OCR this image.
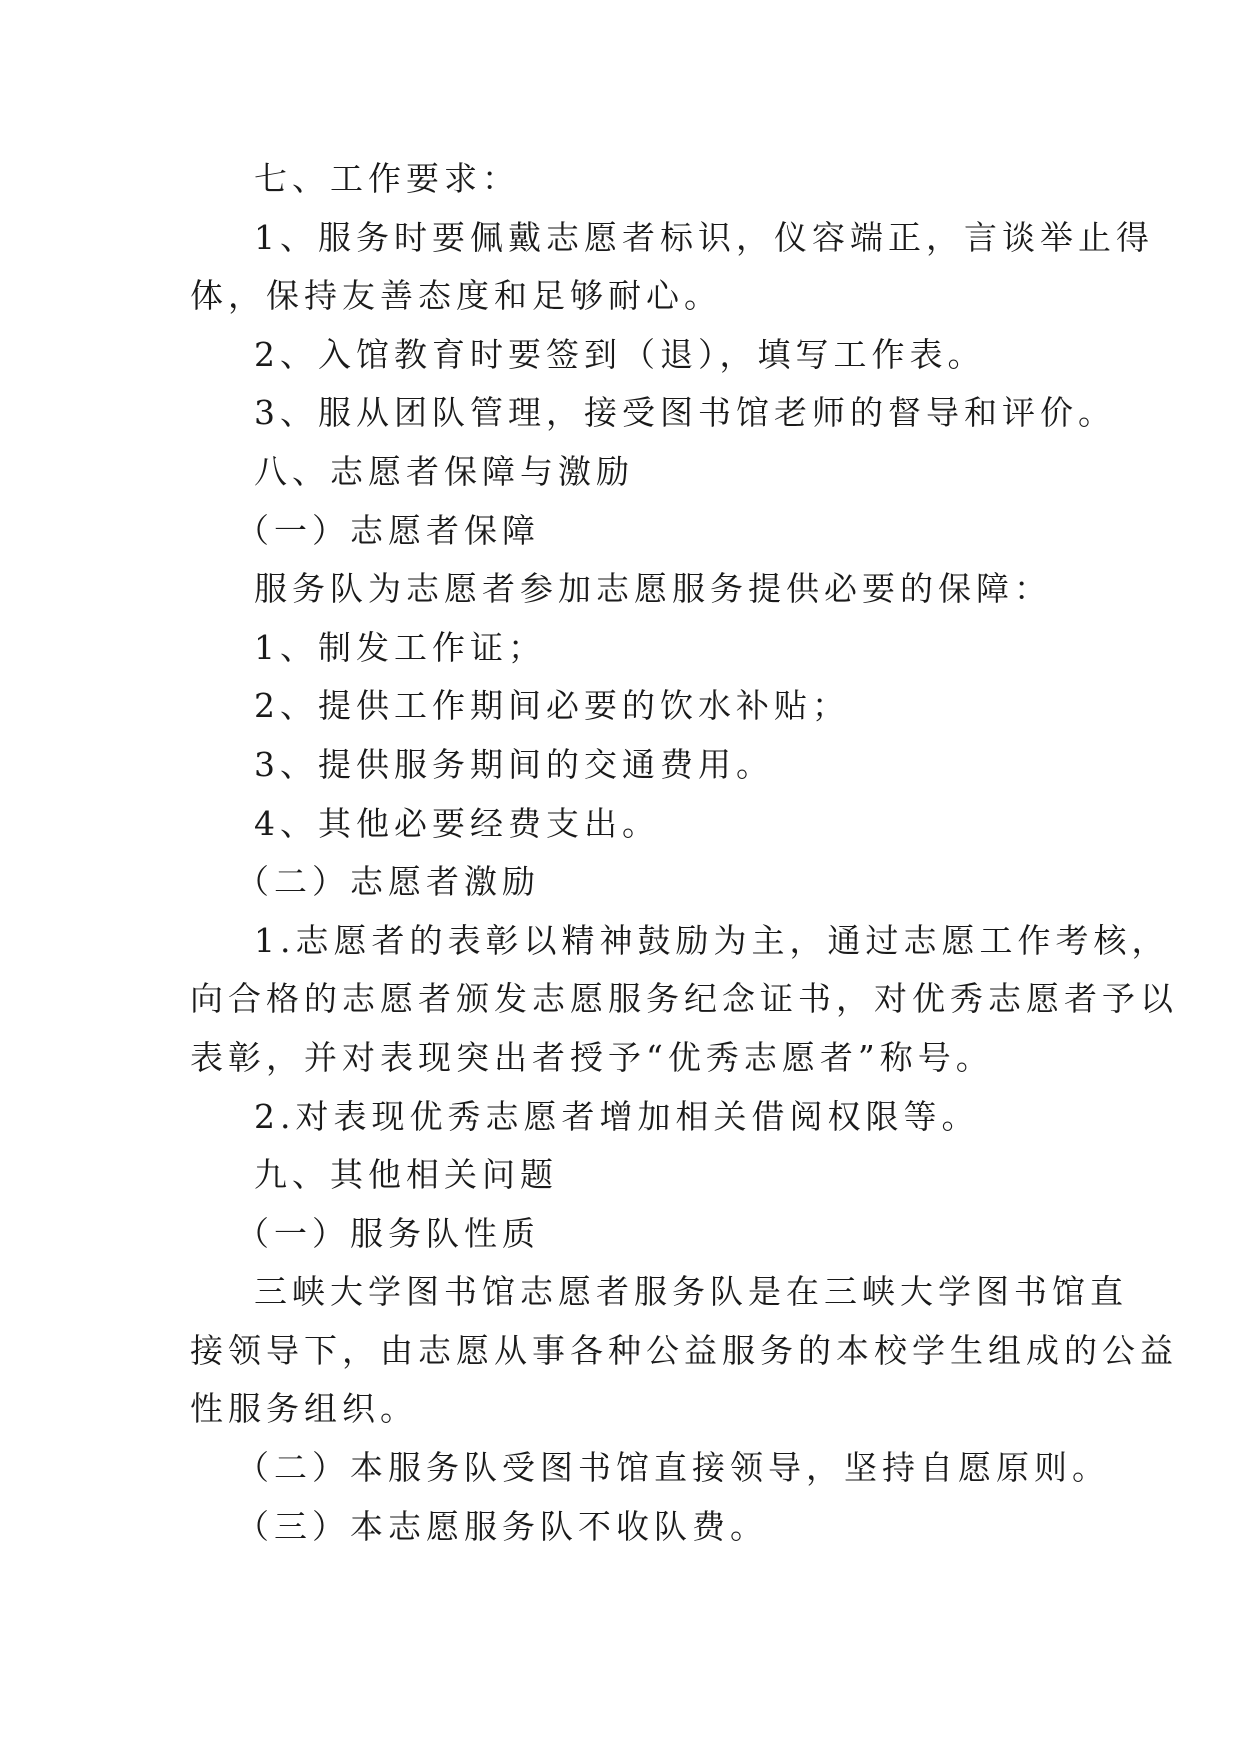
七、工作要求：
1、服务时要佩戴志愿者标识，仪容端正，言谈举止得
体，保持友善态度和足够耐心。
2、入馆教育时要签到（退），填写工作表。
3、服从团队管理，接受图书馆老师的督导和评价。
八、志愿者保障与激励
（一）志愿者保障
服务队为志愿者参加志愿服务提供必要的保障：
1、制发工作证；
2、提供工作期间必要的饮水补贴；
3、提供服务期间的交通费用。
4、其他必要经费支出。
（二）志愿者激励
1.志愿者的表彰以精神鼓励为主，通过志愿工作考核，
向合格的志愿者颁发志愿服务纪念证书，对优秀志愿者予以
表彰，并对表现突出者授予“优秀志愿者”称号。
2.对表现优秀志愿者增加相关借阅权限等。
九、其他相关问题
（一）服务队性质
三峡大学图书馆志愿者服务队是在三峡大学图书馆直
接领导下，由志愿从事各种公益服务的本校学生组成的公益
性服务组织。
（二）本服务队受图书馆直接领导，坚持自愿原则。
（三）本志愿服务队不收队费。
